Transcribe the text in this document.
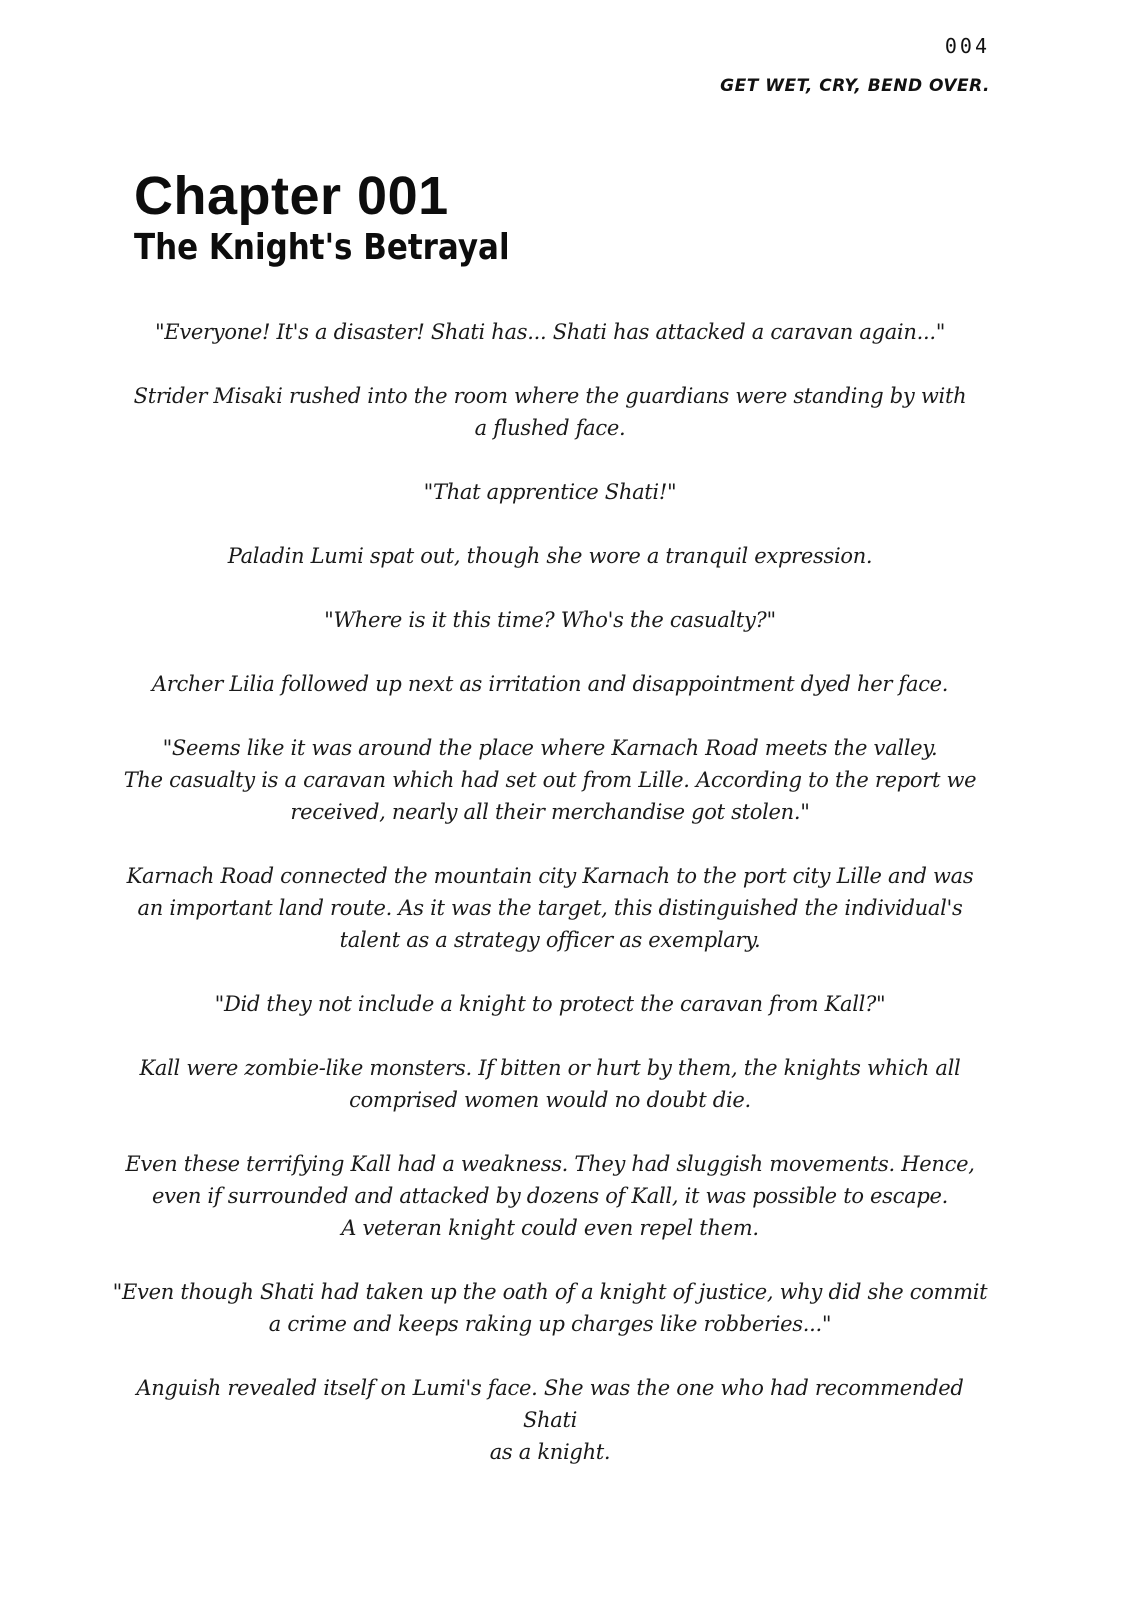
004
GET WET, CRY, BEND OVER.
Chapter 001
The Knight's Betrayal

"Everyone! It's a disaster! Shati has... Shati has attacked a caravan again..."

Strider Misaki rushed into the room where the guardians were standing by with
a flushed face.

"That apprentice Shati!"

Paladin Lumi spat out, though she wore a tranquil expression.

"Where is it this time? Who's the casualty?"

Archer Lilia followed up next as irritation and disappointment dyed her face.

"Seems like it was around the place where Karnach Road meets the valley.
The casualty is a caravan which had set out from Lille. According to the report we
received, nearly all their merchandise got stolen."

Karnach Road connected the mountain city Karnach to the port city Lille and was
an important land route. As it was the target, this distinguished the individual's
talent as a strategy officer as exemplary.

"Did they not include a knight to protect the caravan from Kall?"

Kall were zombie-like monsters. If bitten or hurt by them, the knights which all
comprised women would no doubt die.

Even these terrifying Kall had a weakness. They had sluggish movements. Hence,
even if surrounded and attacked by dozens of Kall, it was possible to escape.
A veteran knight could even repel them.

"Even though Shati had taken up the oath of a knight of justice, why did she commit
a crime and keeps raking up charges like robberies..."

Anguish revealed itself on Lumi's face. She was the one who had recommended Shati
as a knight.
